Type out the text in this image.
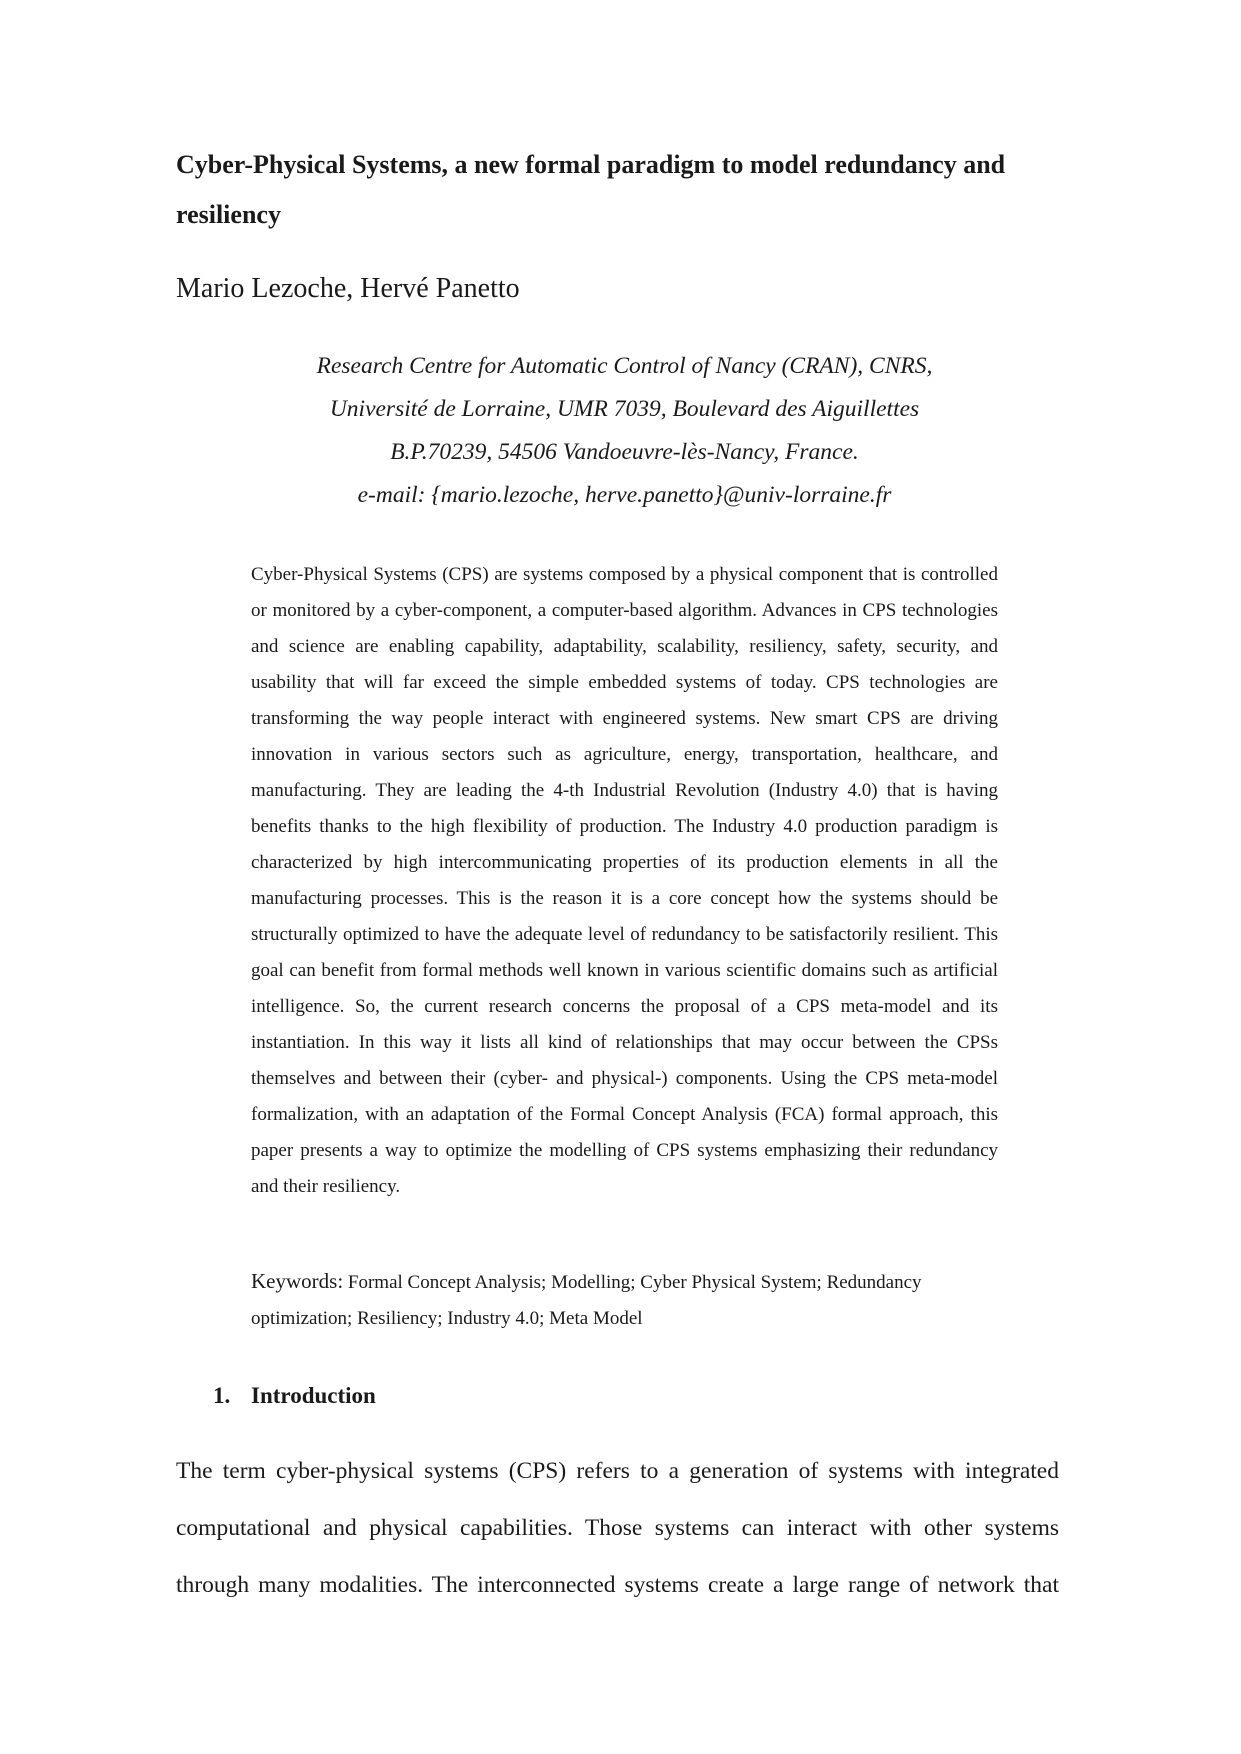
Cyber-Physical Systems, a new formal paradigm to model redundancy and resiliency

Mario Lezoche, Hervé Panetto

Research Centre for Automatic Control of Nancy (CRAN), CNRS,
Université de Lorraine, UMR 7039, Boulevard des Aiguillettes
B.P.70239, 54506 Vandoeuvre-lès-Nancy, France.
e-mail: {mario.lezoche, herve.panetto}@univ-lorraine.fr

Cyber-Physical Systems (CPS) are systems composed by a physical component that is controlled or monitored by a cyber-component, a computer-based algorithm. Advances in CPS technologies and science are enabling capability, adaptability, scalability, resiliency, safety, security, and usability that will far exceed the simple embedded systems of today. CPS technologies are transforming the way people interact with engineered systems. New smart CPS are driving innovation in various sectors such as agriculture, energy, transportation, healthcare, and manufacturing. They are leading the 4-th Industrial Revolution (Industry 4.0) that is having benefits thanks to the high flexibility of production. The Industry 4.0 production paradigm is characterized by high intercommunicating properties of its production elements in all the manufacturing processes. This is the reason it is a core concept how the systems should be structurally optimized to have the adequate level of redundancy to be satisfactorily resilient. This goal can benefit from formal methods well known in various scientific domains such as artificial intelligence. So, the current research concerns the proposal of a CPS meta-model and its instantiation. In this way it lists all kind of relationships that may occur between the CPSs themselves and between their (cyber- and physical-) components. Using the CPS meta-model formalization, with an adaptation of the Formal Concept Analysis (FCA) formal approach, this paper presents a way to optimize the modelling of CPS systems emphasizing their redundancy and their resiliency.

Keywords: Formal Concept Analysis; Modelling; Cyber Physical System; Redundancy optimization; Resiliency; Industry 4.0; Meta Model

1. Introduction

The term cyber-physical systems (CPS) refers to a generation of systems with integrated computational and physical capabilities. Those systems can interact with other systems through many modalities. The interconnected systems create a large range of network that
